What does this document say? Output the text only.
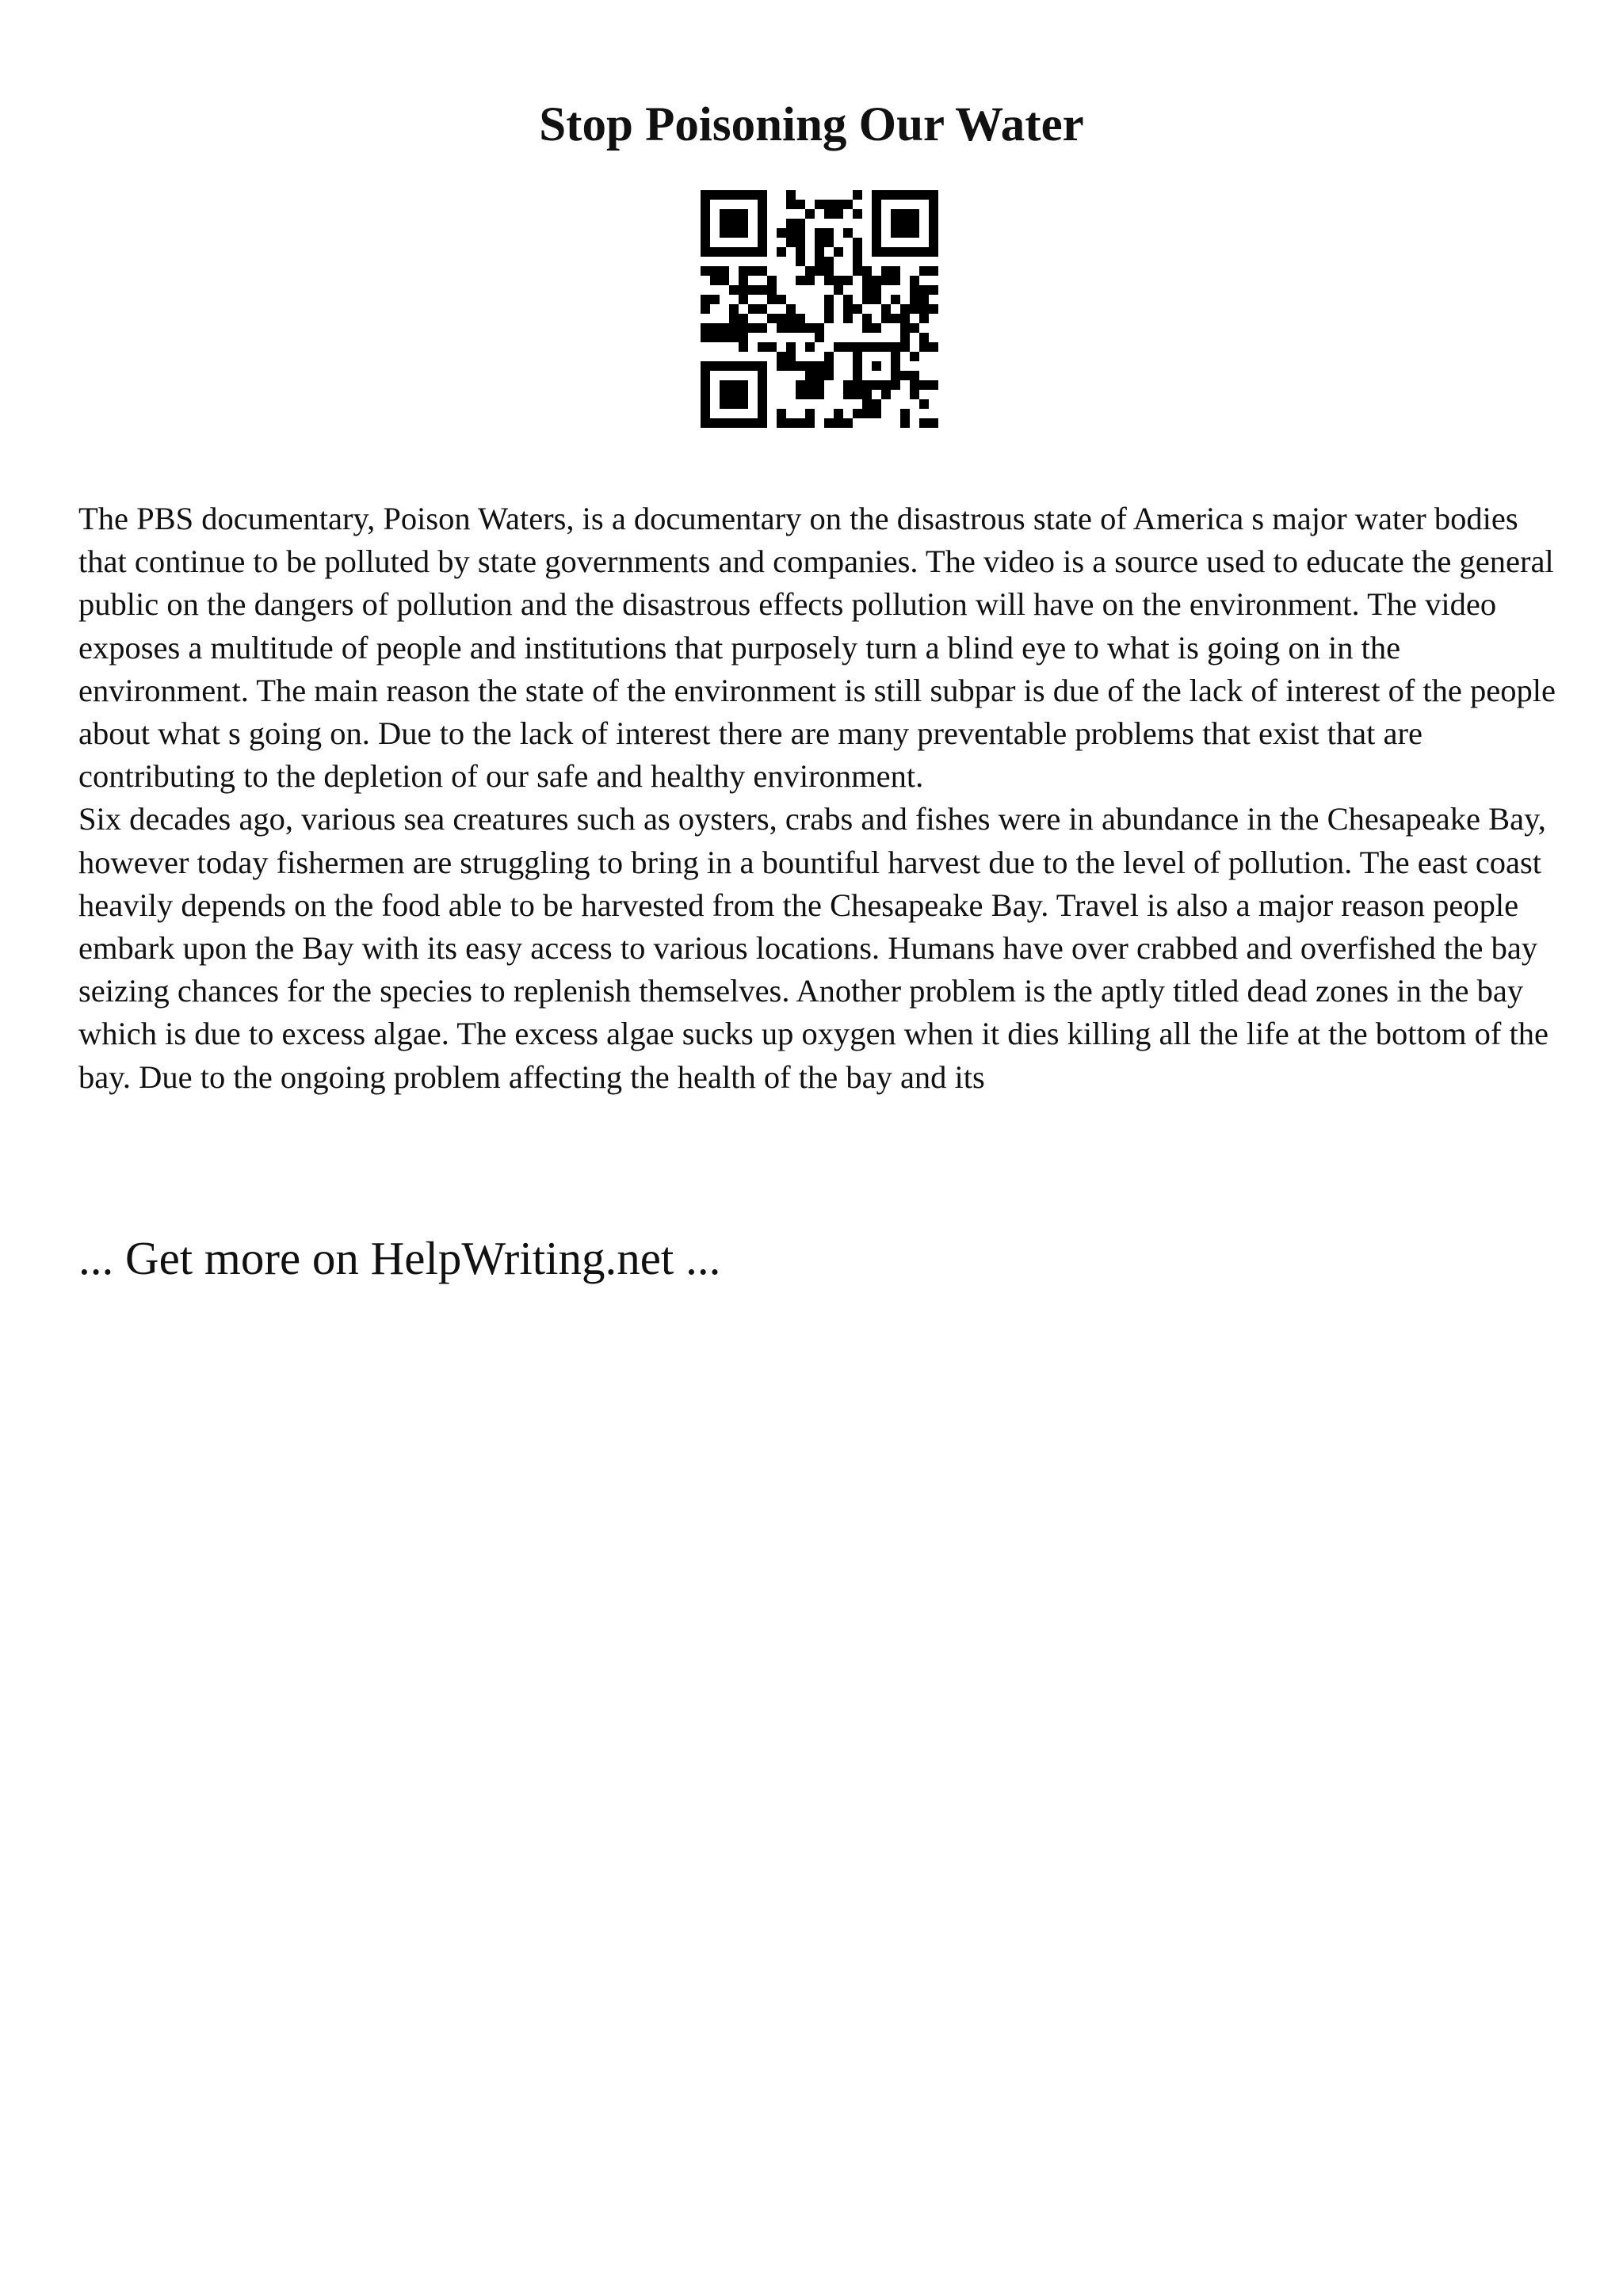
Stop Poisoning Our Water

The PBS documentary, Poison Waters, is a documentary on the disastrous state of America s major water bodies that continue to be polluted by state governments and companies. The video is a source used to educate the general public on the dangers of pollution and the disastrous effects pollution will have on the environment. The video exposes a multitude of people and institutions that purposely turn a blind eye to what is going on in the environment. The main reason the state of the environment is still subpar is due of the lack of interest of the people about what s going on. Due to the lack of interest there are many preventable problems that exist that are contributing to the depletion of our safe and healthy environment.

Six decades ago, various sea creatures such as oysters, crabs and fishes were in abundance in the Chesapeake Bay, however today fishermen are struggling to bring in a bountiful harvest due to the level of pollution. The east coast heavily depends on the food able to be harvested from the Chesapeake Bay. Travel is also a major reason people embark upon the Bay with its easy access to various locations. Humans have over crabbed and overfished the bay seizing chances for the species to replenish themselves. Another problem is the aptly titled dead zones in the bay which is due to excess algae. The excess algae sucks up oxygen when it dies killing all the life at the bottom of the bay. Due to the ongoing problem affecting the health of the bay and its

... Get more on HelpWriting.net ...
